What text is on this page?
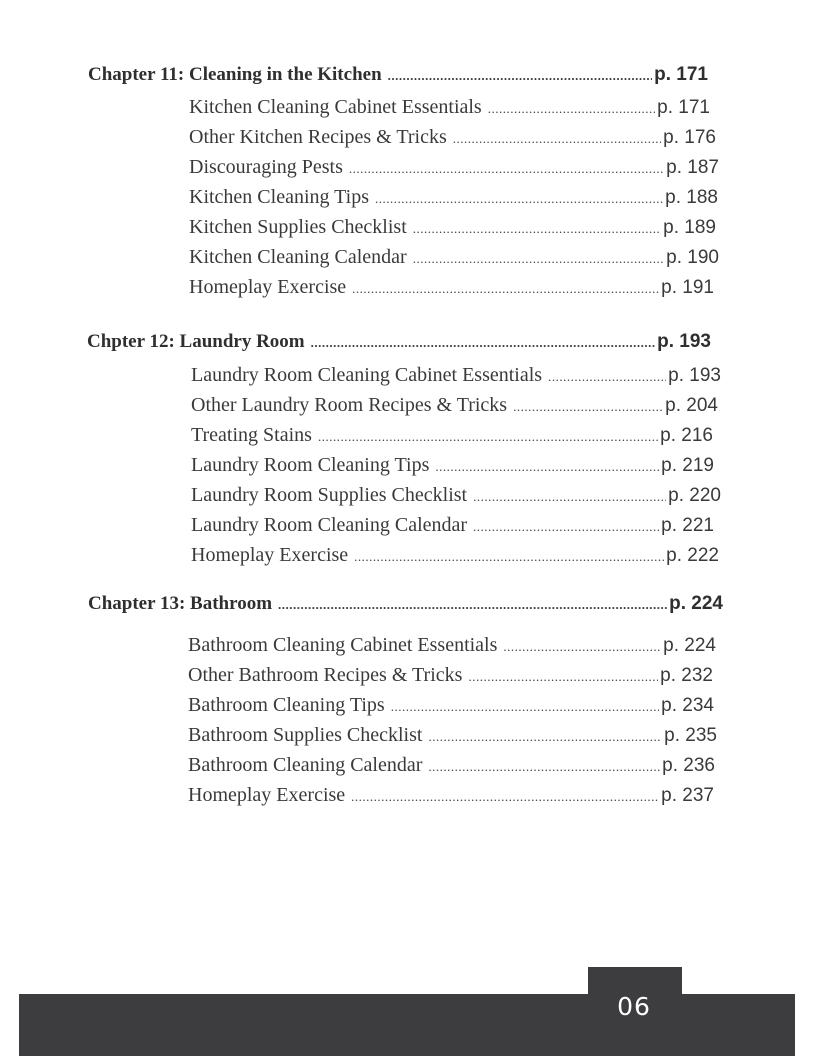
Chapter 11: Cleaning in the Kitchen .....	p. 171
Kitchen Cleaning Cabinet Essentials .....	p. 171
Other Kitchen Recipes & Tricks .....	p. 176
Discouraging Pests .....	p. 187
Kitchen Cleaning Tips .....	p. 188
Kitchen Supplies Checklist .....	p. 189
Kitchen Cleaning Calendar .....	p. 190
Homeplay Exercise .....	p. 191
Chpter 12: Laundry Room .....	p. 193
Laundry Room Cleaning Cabinet Essentials .....	p. 193
Other Laundry Room Recipes & Tricks .....	p. 204
Treating Stains .....	p. 216
Laundry Room Cleaning Tips .....	p. 219
Laundry Room Supplies Checklist .....	p. 220
Laundry Room Cleaning Calendar .....	p. 221
Homeplay Exercise .....	p. 222
Chapter 13: Bathroom .....	p. 224
Bathroom Cleaning Cabinet Essentials .....	p. 224
Other Bathroom Recipes & Tricks .....	p. 232
Bathroom Cleaning Tips .....	p. 234
Bathroom Supplies Checklist .....	p. 235
Bathroom Cleaning Calendar .....	p. 236
Homeplay Exercise .....	p. 237
06
